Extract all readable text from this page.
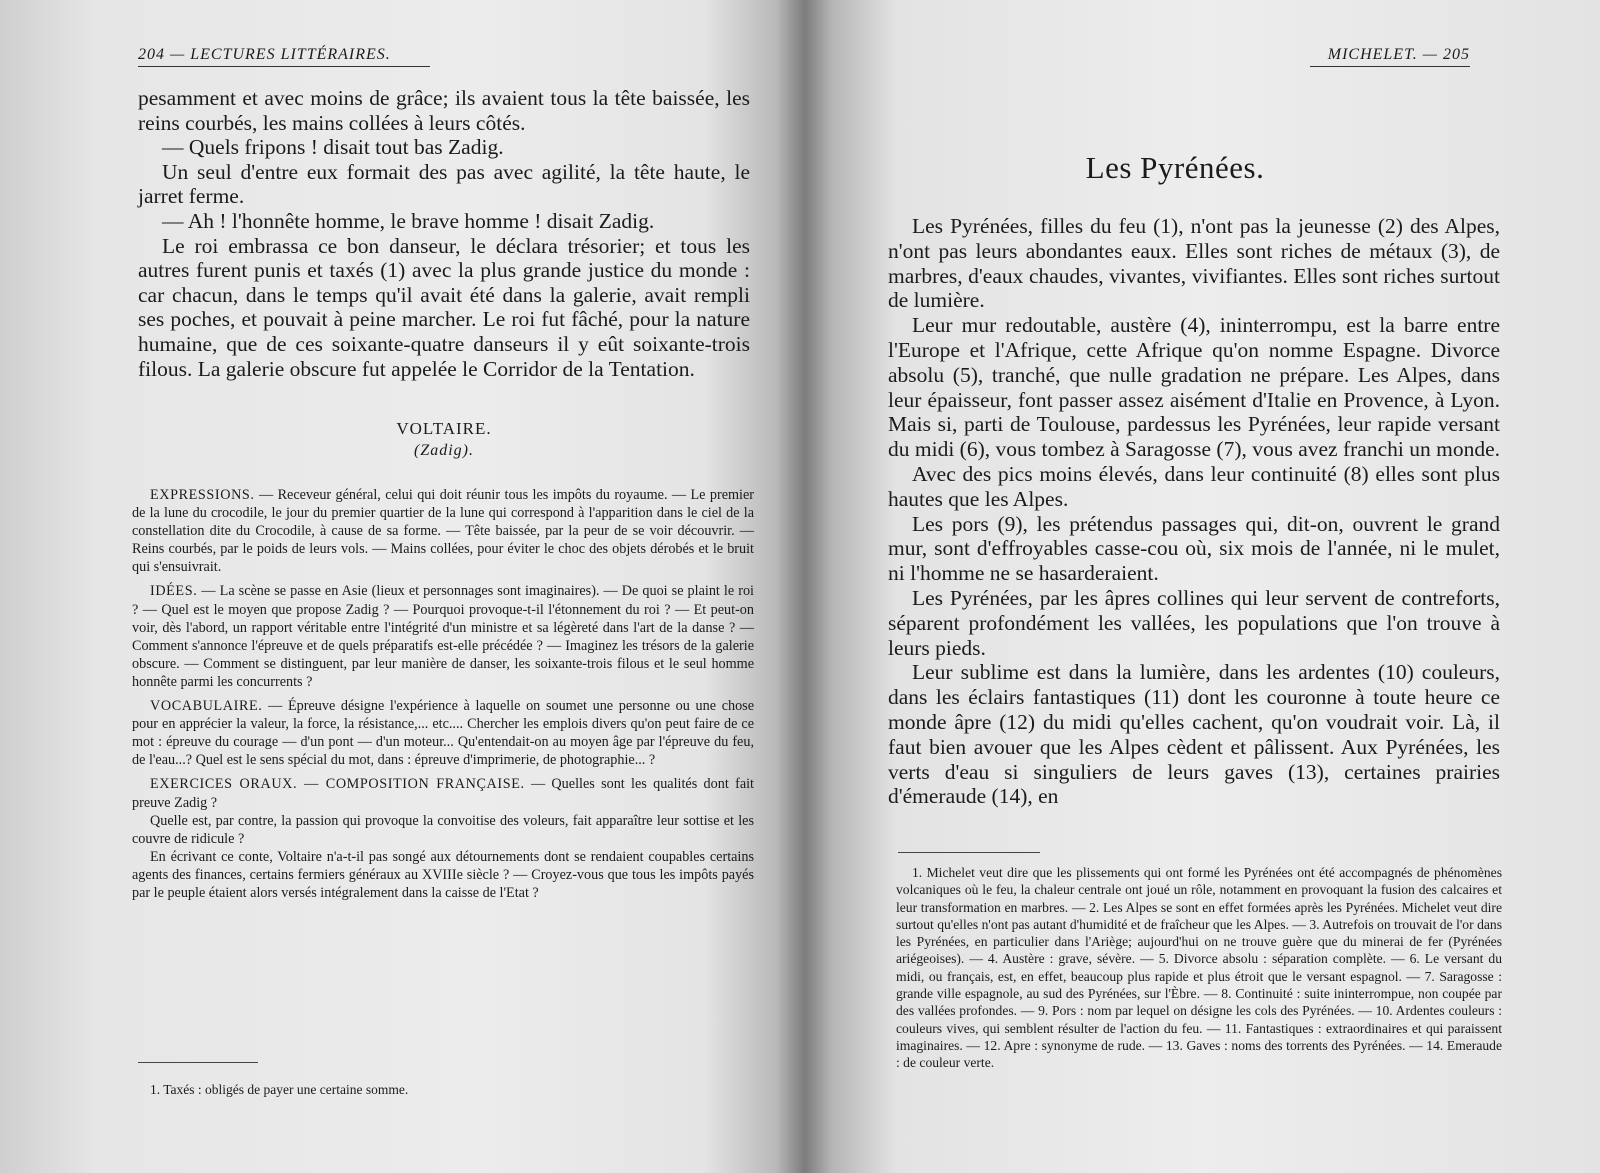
204 — LECTURES LITTÉRAIRES.

pesamment et avec moins de grâce; ils avaient tous la tête baissée, les reins courbés, les mains collées à leurs côtés.

— Quels fripons ! disait tout bas Zadig.

Un seul d'entre eux formait des pas avec agilité, la tête haute, le jarret ferme.

— Ah ! l'honnête homme, le brave homme ! disait Zadig.

Le roi embrassa ce bon danseur, le déclara trésorier; et tous les autres furent punis et taxés (1) avec la plus grande justice du monde : car chacun, dans le temps qu'il avait été dans la galerie, avait rempli ses poches, et pouvait à peine marcher. Le roi fut fâché, pour la nature humaine, que de ces soixante-quatre danseurs il y eût soixante-trois filous. La galerie obscure fut appelée le Corridor de la Tentation.

VOLTAIRE.
(Zadig).

EXPRESSIONS. — Receveur général, celui qui doit réunir tous les impôts du royaume. — Le premier de la lune du crocodile, le jour du premier quartier de la lune qui correspond à l'apparition dans le ciel de la constellation dite du Crocodile, à cause de sa forme. — Tête baissée, par la peur de se voir découvrir. — Reins courbés, par le poids de leurs vols. — Mains collées, pour éviter le choc des objets dérobés et le bruit qui s'ensuivrait.

IDÉES. — La scène se passe en Asie (lieux et personnages sont imaginaires). — De quoi se plaint le roi ? — Quel est le moyen que propose Zadig ? — Pourquoi provoque-t-il l'étonnement du roi ? — Et peut-on voir, dès l'abord, un rapport véritable entre l'intégrité d'un ministre et sa légèreté dans l'art de la danse ? — Comment s'annonce l'épreuve et de quels préparatifs est-elle précédée ? — Imaginez les trésors de la galerie obscure. — Comment se distinguent, par leur manière de danser, les soixante-trois filous et le seul homme honnête parmi les concurrents ?

VOCABULAIRE. — Épreuve désigne l'expérience à laquelle on soumet une personne ou une chose pour en apprécier la valeur, la force, la résistance,... etc.... Chercher les emplois divers qu'on peut faire de ce mot : épreuve du courage — d'un pont — d'un moteur... Qu'entendait-on au moyen âge par l'épreuve du feu, de l'eau...? Quel est le sens spécial du mot, dans : épreuve d'imprimerie, de photographie... ?

EXERCICES ORAUX. — COMPOSITION FRANÇAISE. — Quelles sont les qualités dont fait preuve Zadig ?

Quelle est, par contre, la passion qui provoque la convoitise des voleurs, fait apparaître leur sottise et les couvre de ridicule ?

En écrivant ce conte, Voltaire n'a-t-il pas songé aux détournements dont se rendaient coupables certains agents des finances, certains fermiers généraux au XVIIIe siècle ? — Croyez-vous que tous les impôts payés par le peuple étaient alors versés intégralement dans la caisse de l'Etat ?

1. Taxés : obligés de payer une certaine somme.
MICHELET. — 205
Les Pyrénées.

Les Pyrénées, filles du feu (1), n'ont pas la jeunesse (2) des Alpes, n'ont pas leurs abondantes eaux. Elles sont riches de métaux (3), de marbres, d'eaux chaudes, vivantes, vivifiantes. Elles sont riches surtout de lumière.

Leur mur redoutable, austère (4), ininterrompu, est la barre entre l'Europe et l'Afrique, cette Afrique qu'on nomme Espagne. Divorce absolu (5), tranché, que nulle gradation ne prépare. Les Alpes, dans leur épaisseur, font passer assez aisément d'Italie en Provence, à Lyon. Mais si, parti de Toulouse, pardessus les Pyrénées, leur rapide versant du midi (6), vous tombez à Saragosse (7), vous avez franchi un monde.

Avec des pics moins élevés, dans leur continuité (8) elles sont plus hautes que les Alpes.

Les pors (9), les prétendus passages qui, dit-on, ouvrent le grand mur, sont d'effroyables casse-cou où, six mois de l'année, ni le mulet, ni l'homme ne se hasarderaient.

Les Pyrénées, par les âpres collines qui leur servent de contreforts, séparent profondément les vallées, les populations que l'on trouve à leurs pieds.

Leur sublime est dans la lumière, dans les ardentes (10) couleurs, dans les éclairs fantastiques (11) dont les couronne à toute heure ce monde âpre (12) du midi qu'elles cachent, qu'on voudrait voir. Là, il faut bien avouer que les Alpes cèdent et pâlissent. Aux Pyrénées, les verts d'eau si singuliers de leurs gaves (13), certaines prairies d'émeraude (14), en

1. Michelet veut dire que les plissements qui ont formé les Pyrénées ont été accompagnés de phénomènes volcaniques où le feu, la chaleur centrale ont joué un rôle, notamment en provoquant la fusion des calcaires et leur transformation en marbres. — 2. Les Alpes se sont en effet formées après les Pyrénées. Michelet veut dire surtout qu'elles n'ont pas autant d'humidité et de fraîcheur que les Alpes. — 3. Autrefois on trouvait de l'or dans les Pyrénées, en particulier dans l'Ariège; aujourd'hui on ne trouve guère que du minerai de fer (Pyrénées ariégeoises). — 4. Austère : grave, sévère. — 5. Divorce absolu : séparation complète. — 6. Le versant du midi, ou français, est, en effet, beaucoup plus rapide et plus étroit que le versant espagnol. — 7. Saragosse : grande ville espagnole, au sud des Pyrénées, sur l'Èbre. — 8. Continuité : suite ininterrompue, non coupée par des vallées profondes. — 9. Pors : nom par lequel on désigne les cols des Pyrénées. — 10. Ardentes couleurs : couleurs vives, qui semblent résulter de l'action du feu. — 11. Fantastiques : extraordinaires et qui paraissent imaginaires. — 12. Apre : synonyme de rude. — 13. Gaves : noms des torrents des Pyrénées. — 14. Emeraude : de couleur verte.
